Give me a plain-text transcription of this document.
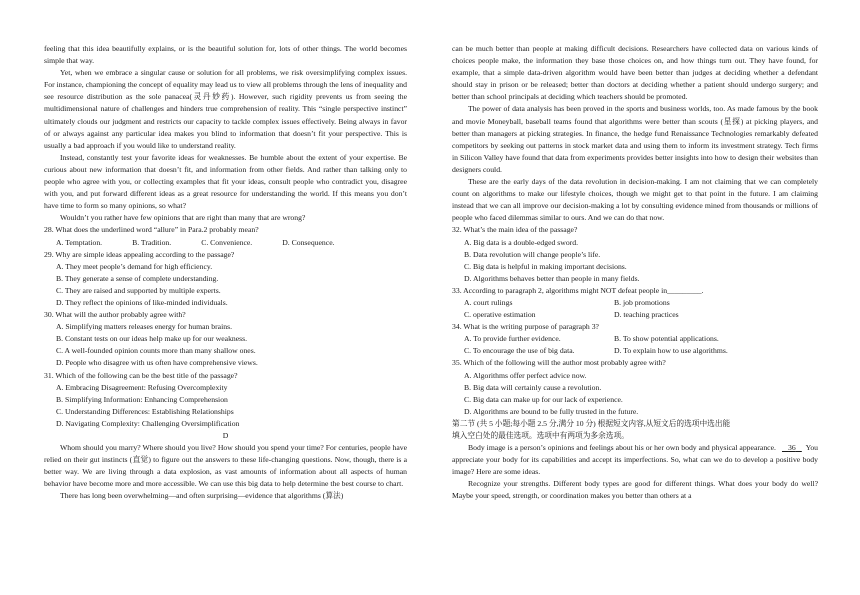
feeling that this idea beautifully explains, or is the beautiful solution for, lots of other things. The world becomes simple that way.

Yet, when we embrace a singular cause or solution for all problems, we risk oversimplifying complex issues. For instance, championing the concept of equality may lead us to view all problems through the lens of inequality and see resource distribution as the sole panacea(灵丹妙药). However, such rigidity prevents us from seeing the multidimensional nature of challenges and hinders true comprehension of reality. This “single perspective instinct” ultimately clouds our judgment and restricts our capacity to tackle complex issues effectively. Being always in favor of or always against any particular idea makes you blind to information that doesn’t fit your perspective. This is usually a bad approach if you would like to understand reality.

Instead, constantly test your favorite ideas for weaknesses. Be humble about the extent of your expertise. Be curious about new information that doesn’t fit, and information from other fields. And rather than talking only to people who agree with you, or collecting examples that fit your ideas, consult people who contradict you, disagree with you, and put forward different ideas as a great resource for understanding the world. If this means you don’t have time to form so many opinions, so what?

Wouldn’t you rather have few opinions that are right than many that are wrong?

28. What does the underlined word “allure” in Para.2 probably mean?

A. Temptation.	B. Tradition.	C. Convenience.	D. Consequence.

29. Why are simple ideas appealing according to the passage?

A. They meet people’s demand for high efficiency.

B. They generate a sense of complete understanding.

C. They are raised and supported by multiple experts.

D. They reflect the opinions of like-minded individuals.

30. What will the author probably agree with?

A. Simplifying matters releases energy for human brains.

B. Constant tests on our ideas help make up for our weakness.

C. A well-founded opinion counts more than many shallow ones.

D. People who disagree with us often have comprehensive views.

31. Which of the following can be the best title of the passage?

A. Embracing Disagreement: Refusing Overcomplexity

B. Simplifying Information: Enhancing Comprehension

C. Understanding Differences: Establishing Relationships

D. Navigating Complexity: Challenging Oversimplification

D

Whom should you marry? Where should you live? How should you spend your time? For centuries, people have relied on their gut instincts (直觉) to figure out the answers to these life-changing questions. Now, though, there is a better way. We are living through a data explosion, as vast amounts of information about all aspects of human behavior have become more and more accessible. We can use this big data to help determine the best course to chart.

There has long been overwhelming—and often surprising—evidence that algorithms (算法)

can be much better than people at making difficult decisions. Researchers have collected data on various kinds of choices people make, the information they base those choices on, and how things turn out. They have found, for example, that a simple data-driven algorithm would have been better than judges at deciding whether a defendant should stay in prison or be released; better than doctors at deciding whether a patient should undergo surgery; and better than school principals at deciding which teachers should be promoted.

The power of data analysis has been proved in the sports and business worlds, too. As made famous by the book and movie Moneyball, baseball teams found that algorithms were better than scouts (星探) at picking players, and better than managers at picking strategies. In finance, the hedge fund Renaissance Technologies remarkably defeated competitors by seeking out patterns in stock market data and using them to inform its investment strategy. Tech firms in Silicon Valley have found that data from experiments provides better insights into how to design their websites than designers could.

These are the early days of the data revolution in decision-making. I am not claiming that we can completely count on algorithms to make our lifestyle choices, though we might get to that point in the future. I am claiming instead that we can all improve our decision-making a lot by consulting evidence mined from thousands or millions of people who faced dilemmas similar to ours. And we can do that now.

32. What’s the main idea of the passage?

A. Big data is a double-edged sword.

B. Data revolution will change people’s life.

C. Big data is helpful in making important decisions.

D. Algorithms behaves better than people in many fields.

33. According to paragraph 2, algorithms might NOT defeat people in_________.

A. court rulings	B. job promotions
C. operative estimation	D. teaching practices

34. What is the writing purpose of paragraph 3?

A. To provide further evidence.	B. To show potential applications.
C. To encourage the use of big data.	D. To explain how to use algorithms.

35. Which of the following will the author most probably agree with?

A. Algorithms offer perfect advice now.

B. Big data will certainly cause a revolution.

C. Big data can make up for our lack of experience.

D. Algorithms are bound to be fully trusted in the future.

第二节 (共 5 小题;每小题 2.5 分,满分 10 分) 根据短文内容,从短文后的选项中选出能

填入空白处的最佳选项。选项中有两项为多余选项。

Body image is a person’s opinions and feelings about his or her own body and physical appearance. 36 You appreciate your body for its capabilities and accept its imperfections. So, what can we do to develop a positive body image? Here are some ideas.

Recognize your strengths. Different body types are good for different things. What does your body do well? Maybe your speed, strength, or coordination makes you better than others at a
